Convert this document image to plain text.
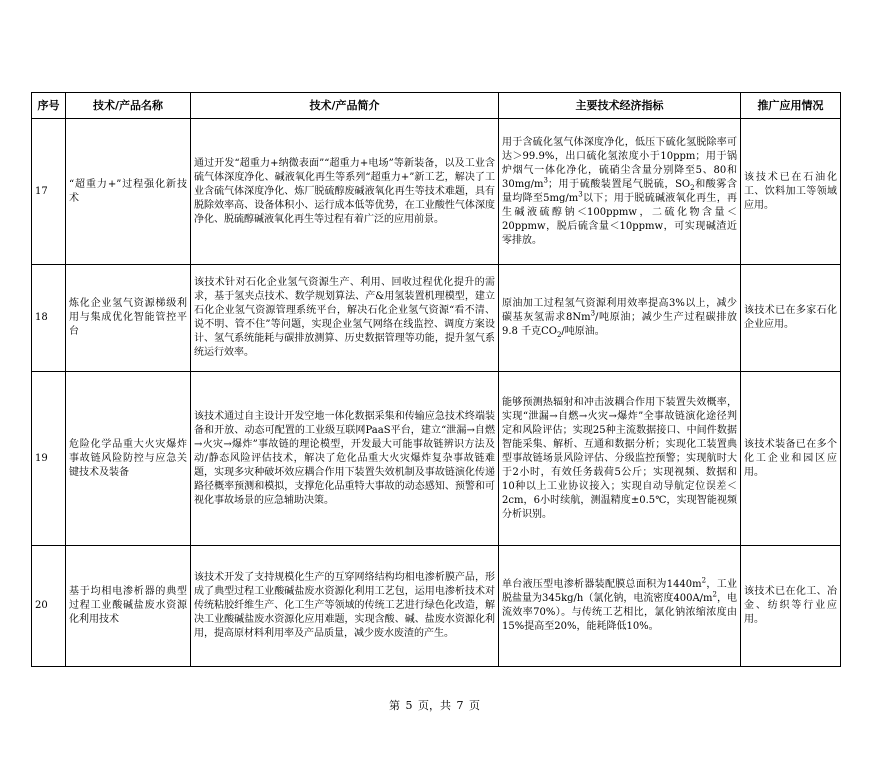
序号	技术/产品名称	技术/产品简介	主要技术经济指标	推广应用情况
17	“超重力+”过程强化新技术	通过开发“超重力+纳微表面”“超重力+电场”等新装备，以及工业含硫气体深度净化、碱液氧化再生等系列“超重力+”新工艺，解决了工业含硫气体深度净化、炼厂脱硫醇废碱液氧化再生等技术难题，具有脱除效率高、设备体积小、运行成本低等优势，在工业酸性气体深度净化、脱硫醇碱液氧化再生等过程有着广泛的应用前景。	用于含硫化氢气体深度净化，低压下硫化氢脱除率可达＞99.9%，出口硫化氢浓度小于10ppm；用于锅炉烟气一体化净化，硫硝尘含量分别降至5、80和$30mg/m^3$；用于硫酸装置尾气脱硫，$SO_2$和酸雾含量均降至$5mg/m^3$以下；用于脱硫碱液氧化再生，再生碱液硫醇钠＜100ppmw，二硫化物含量＜20ppmw，脱后硫含量＜10ppmw，可实现碱渣近零排放。	该技术已在石油化工、饮料加工等领域应用。
18	炼化企业氢气资源梯级利用与集成优化智能管控平台	该技术针对石化企业氢气资源生产、利用、回收过程优化提升的需求，基于氢夹点技术、数学规划算法、产&用氢装置机理模型，建立石化企业氢气资源管理系统平台，解决石化企业氢气资源“看不清、说不明、管不住”等问题，实现企业氢气网络在线监控、调度方案设计、氢气系统能耗与碳排放测算、历史数据管理等功能，提升氢气系统运行效率。	原油加工过程氢气资源利用效率提高3%以上，减少碳基灰氢需求8Nm$^3$/吨原油；减少生产过程碳排放9.8 千克$CO_2/$吨原油。	该技术已在多家石化企业应用。
19	危险化学品重大火灾爆炸事故链风险防控与应急关键技术及装备	该技术通过自主设计开发空地一体化数据采集和传输应急技术终端装备和开放、动态可配置的工业级互联网PaaS平台，建立“泄漏→自燃→火灾→爆炸”事故链的理论模型，开发最大可能事故链辨识方法及动/静态风险评估技术，解决了危化品重大火灾爆炸复杂事故链难题，实现多灾种破坏效应耦合作用下装置失效机制及事故链演化传递路径概率预测和模拟，支撑危化品重特大事故的动态感知、预警和可视化事故场景的应急辅助决策。	能够预测热辐射和冲击波耦合作用下装置失效概率，实现“泄漏→自燃→火灾→爆炸”全事故链演化途径判定和风险评估；实现25种主流数据接口、中间件数据智能采集、解析、互通和数据分析；实现化工装置典型事故链场景风险评估、分级监控预警；实现航时大于2小时，有效任务载荷5公斤；实现视频、数据和10种以上工业协议接入；实现自动导航定位误差＜2cm，6小时续航，测温精度±0.5℃，实现智能视频分析识别。	该技术装备已在多个化工企业和园区应用。
20	基于均相电渗析器的典型过程工业酸碱盐废水资源化利用技术	该技术开发了支持规模化生产的互穿网络结构均相电渗析膜产品，形成了典型过程工业酸碱盐废水资源化利用工艺包，运用电渗析技术对传统粘胶纤维生产、化工生产等领域的传统工艺进行绿色化改造，解决工业酸碱盐废水资源化应用难题，实现含酸、碱、盐废水资源化利用，提高原材料利用率及产品质量，减少废水废渣的产生。	单台液压型电渗析器装配膜总面积为$1440m^2$，工业脱盐量为345kg/h（氯化钠，电流密度$400A/m^2$，电流效率70%）。与传统工艺相比，氯化钠浓缩浓度由15%提高至20%，能耗降低10%。	该技术已在化工、冶金、纺织等行业应用。
第 5 页，共 7 页
